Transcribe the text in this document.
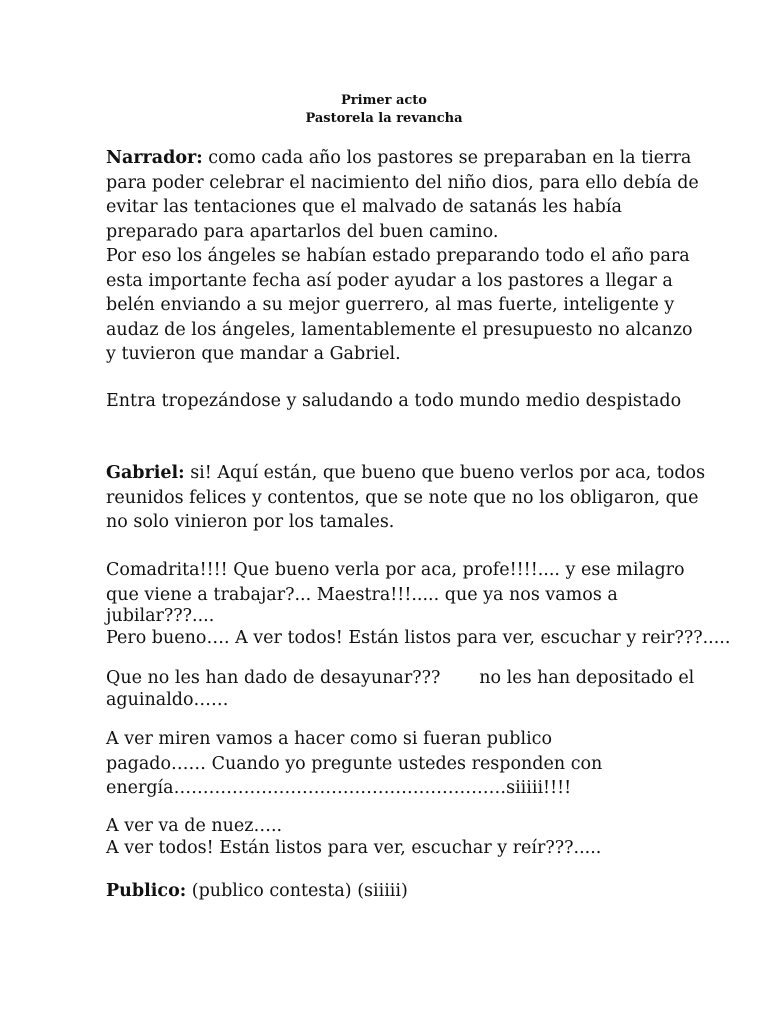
Primer acto
Pastorela la revancha
Narrador: como cada año los pastores se preparaban en la tierra
para poder celebrar el nacimiento del niño dios, para ello debía de
evitar las tentaciones que el malvado de satanás les había
preparado para apartarlos del buen camino.
Por eso los ángeles se habían estado preparando todo el año para
esta importante fecha así poder ayudar a los pastores a llegar a
belén enviando a su mejor guerrero, al mas fuerte, inteligente y
audaz de los ángeles, lamentablemente el presupuesto no alcanzo
y tuvieron que mandar a Gabriel.
Entra tropezándose y saludando a todo mundo medio despistado
Gabriel: si! Aquí están, que bueno que bueno verlos por aca, todos
reunidos felices y contentos, que se note que no los obligaron, que
no solo vinieron por los tamales.
Comadrita!!!! Que bueno verla por aca, profe!!!!.... y ese milagro
que viene a trabajar?... Maestra!!!..... que ya nos vamos a
jubilar???....
Pero bueno…. A ver todos! Están listos para ver, escuchar y reir???.....
Que no les han dado de desayunar???       no les han depositado el
aguinaldo……
A ver miren vamos a hacer como si fueran publico
pagado…… Cuando yo pregunte ustedes responden con
energía…………………………………………………siiiii!!!!
A ver va de nuez…..
A ver todos! Están listos para ver, escuchar y reír???.....
Publico: (publico contesta) (siiiii)
